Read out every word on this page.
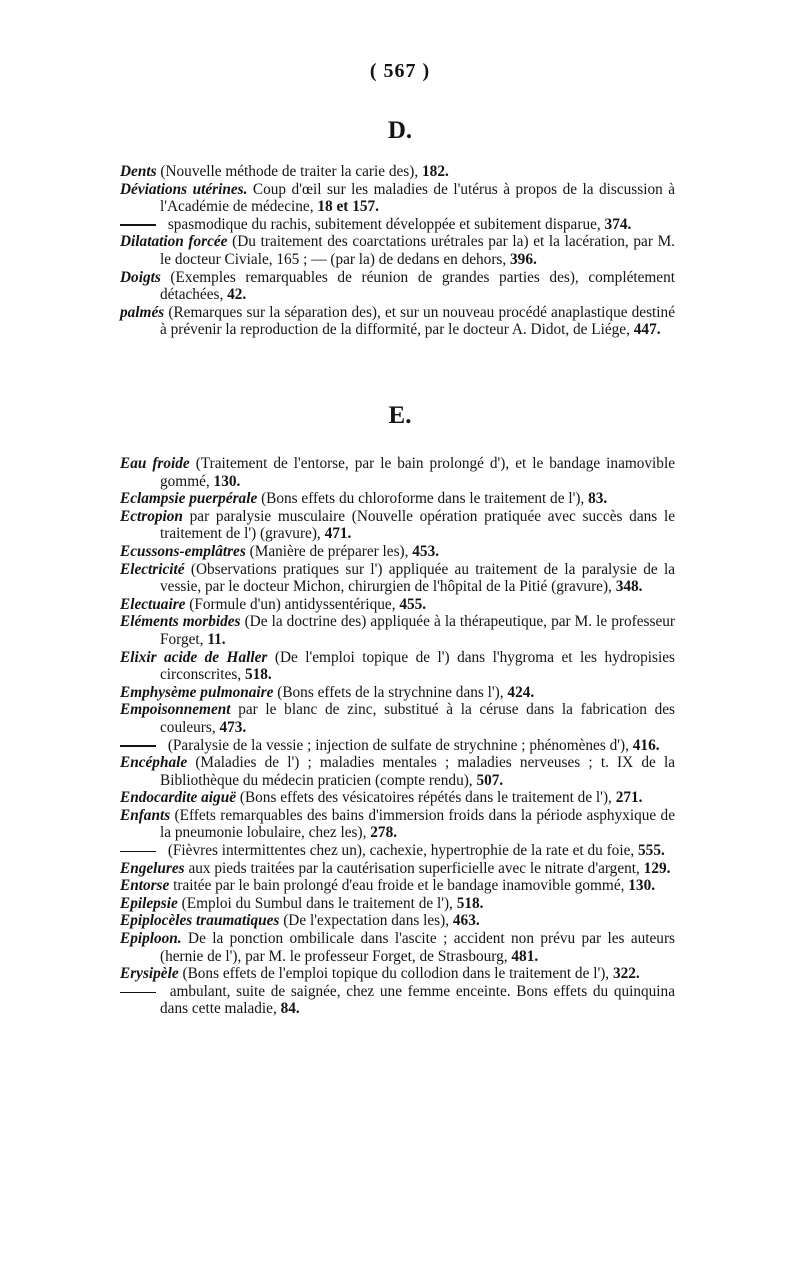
( 567 )
D.

Dents (Nouvelle méthode de traiter la carie des), 182.

Déviations utérines. Coup d'œil sur les maladies de l'utérus à propos de la discussion à l'Académie de médecine, 18 et 157.

spasmodique du rachis, subitement développée et subitement disparue, 374.

Dilatation forcée (Du traitement des coarctations urétrales par la) et la lacération, par M. le docteur Civiale, 165 ; — (par la) de dedans en dehors, 396.

Doigts (Exemples remarquables de réunion de grandes parties des), complétement détachées, 42.

palmés (Remarques sur la séparation des), et sur un nouveau procédé anaplastique destiné à prévenir la reproduction de la difformité, par le docteur A. Didot, de Liége, 447.

E.

Eau froide (Traitement de l'entorse, par le bain prolongé d'), et le bandage inamovible gommé, 130.

Eclampsie puerpérale (Bons effets du chloroforme dans le traitement de l'), 83.

Ectropion par paralysie musculaire (Nouvelle opération pratiquée avec succès dans le traitement de l') (gravure), 471.

Ecussons-emplâtres (Manière de préparer les), 453.

Electricité (Observations pratiques sur l') appliquée au traitement de la paralysie de la vessie, par le docteur Michon, chirurgien de l'hôpital de la Pitié (gravure), 348.

Electuaire (Formule d'un) antidyssentérique, 455.

Eléments morbides (De la doctrine des) appliquée à la thérapeutique, par M. le professeur Forget, 11.

Elixir acide de Haller (De l'emploi topique de l') dans l'hygroma et les hydropisies circonscrites, 518.

Emphysème pulmonaire (Bons effets de la strychnine dans l'), 424.

Empoisonnement par le blanc de zinc, substitué à la céruse dans la fabrication des couleurs, 473.

(Paralysie de la vessie ; injection de sulfate de strychnine ; phénomènes d'), 416.

Encéphale (Maladies de l') ; maladies mentales ; maladies nerveuses ; t. IX de la Bibliothèque du médecin praticien (compte rendu), 507.

Endocardite aiguë (Bons effets des vésicatoires répétés dans le traitement de l'), 271.

Enfants (Effets remarquables des bains d'immersion froids dans la période asphyxique de la pneumonie lobulaire, chez les), 278.

(Fièvres intermittentes chez un), cachexie, hypertrophie de la rate et du foie, 555.

Engelures aux pieds traitées par la cautérisation superficielle avec le nitrate d'argent, 129.

Entorse traitée par le bain prolongé d'eau froide et le bandage inamovible gommé, 130.

Epilepsie (Emploi du Sumbul dans le traitement de l'), 518.

Epiplocèles traumatiques (De l'expectation dans les), 463.

Epiploon. De la ponction ombilicale dans l'ascite ; accident non prévu par les auteurs (hernie de l'), par M. le professeur Forget, de Strasbourg, 481.

Erysipèle (Bons effets de l'emploi topique du collodion dans le traitement de l'), 322.

ambulant, suite de saignée, chez une femme enceinte. Bons effets du quinquina dans cette maladie, 84.
